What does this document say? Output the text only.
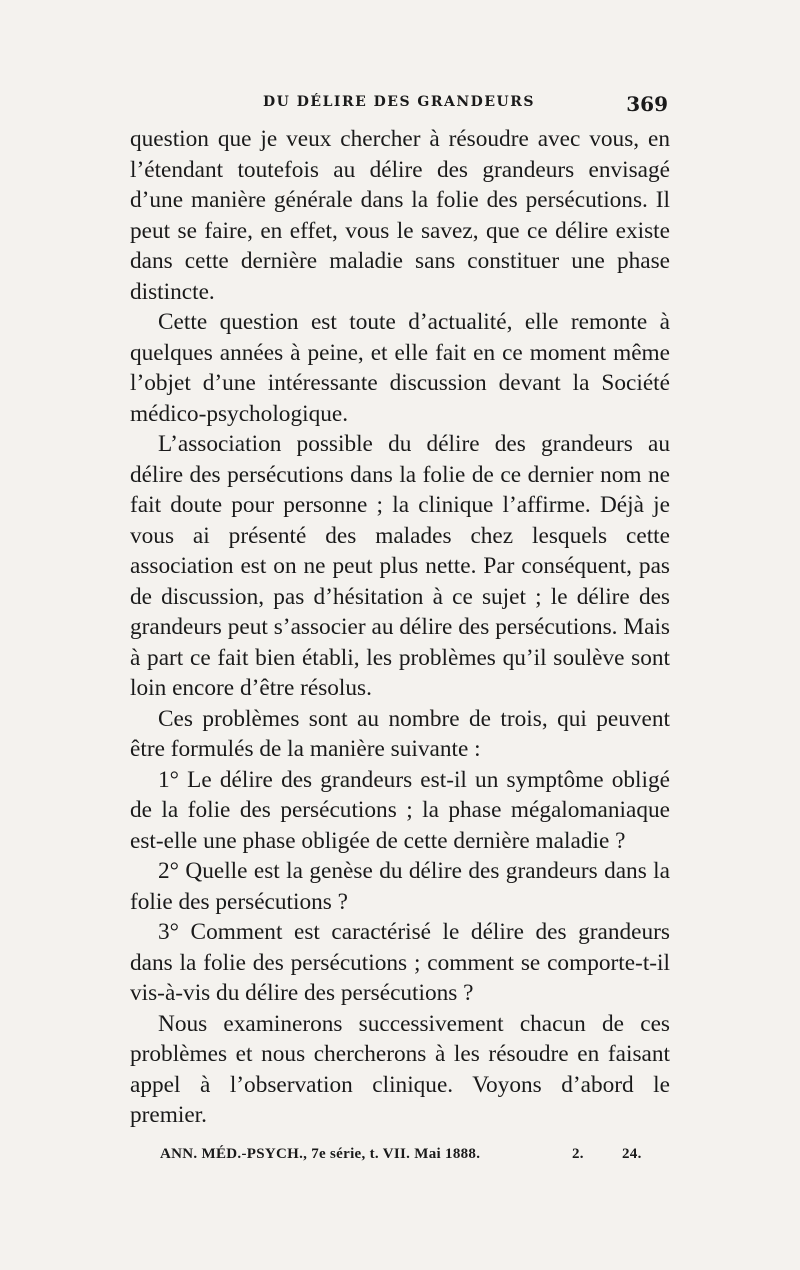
DU DÉLIRE DES GRANDEURS	369

question que je veux chercher à résoudre avec vous, en l’étendant toutefois au délire des grandeurs envisagé d’une manière générale dans la folie des persécutions. Il peut se faire, en effet, vous le savez, que ce délire existe dans cette dernière maladie sans constituer une phase distincte.

Cette question est toute d’actualité, elle remonte à quelques années à peine, et elle fait en ce moment même l’objet d’une intéressante discussion devant la Société médico-psychologique.

L’association possible du délire des grandeurs au délire des persécutions dans la folie de ce dernier nom ne fait doute pour personne ; la clinique l’affirme. Déjà je vous ai présenté des malades chez lesquels cette association est on ne peut plus nette. Par conséquent, pas de discussion, pas d’hésitation à ce sujet ; le délire des grandeurs peut s’associer au délire des persécutions. Mais à part ce fait bien établi, les problèmes qu’il soulève sont loin encore d’être résolus.

Ces problèmes sont au nombre de trois, qui peuvent être formulés de la manière suivante :

1° Le délire des grandeurs est-il un symptôme obligé de la folie des persécutions ; la phase mégalomaniaque est-elle une phase obligée de cette dernière maladie ?

2° Quelle est la genèse du délire des grandeurs dans la folie des persécutions ?

3° Comment est caractérisé le délire des grandeurs dans la folie des persécutions ; comment se comporte-t-il vis-à-vis du délire des persécutions ?

Nous examinerons successivement chacun de ces problèmes et nous chercherons à les résoudre en faisant appel à l’observation clinique. Voyons d’abord le premier.

ANN. MÉD.-PSYCH., 7e série, t. VII. Mai 1888.	2.	24.
